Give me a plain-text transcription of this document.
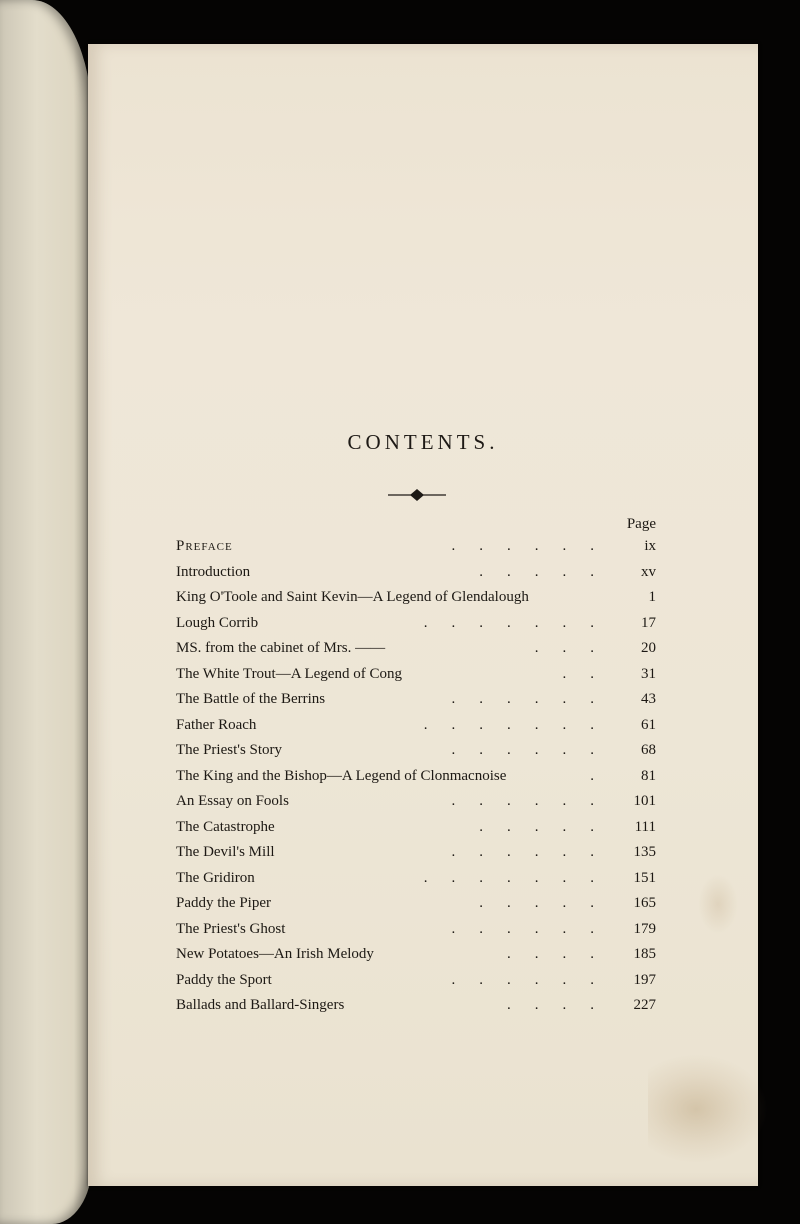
CONTENTS.
Page
Preface	...... ix
Introduction	..... xv
King O'Toole and Saint Kevin—A Legend of Glendalough	1
Lough Corrib	....... 17
MS. from the cabinet of Mrs. ——	... 20
The White Trout—A Legend of Cong	.. 31
The Battle of the Berrins	...... 43
Father Roach	....... 61
The Priest's Story	...... 68
The King and the Bishop—A Legend of Clonmacnoise	. 81
An Essay on Fools	...... 101
The Catastrophe	..... 111
The Devil's Mill	...... 135
The Gridiron	....... 151
Paddy the Piper	..... 165
The Priest's Ghost	...... 179
New Potatoes—An Irish Melody	.... 185
Paddy the Sport	...... 197
Ballads and Ballard-Singers	.... 227
